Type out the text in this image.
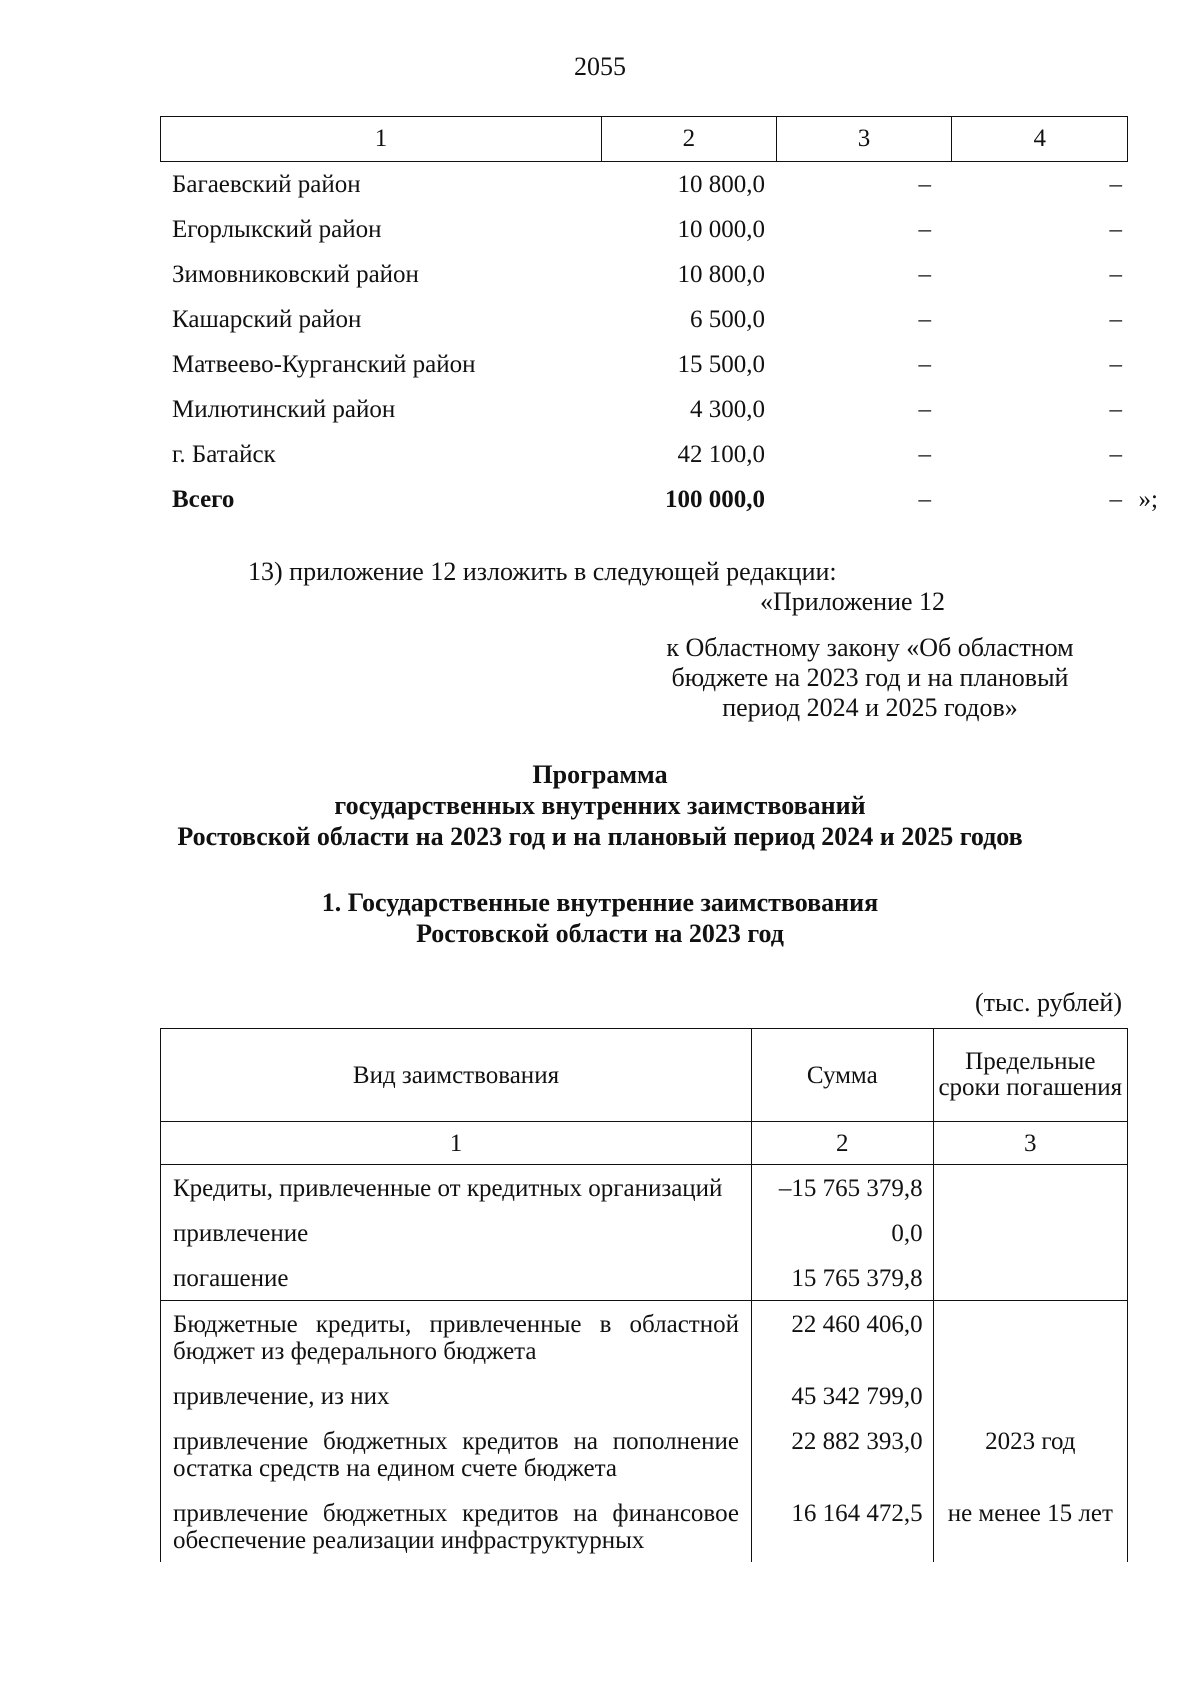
2055
1	2	3	4
Багаевский район	10 800,0	–	–
Егорлыкский район	10 000,0	–	–
Зимовниковский район	10 800,0	–	–
Кашарский район	6 500,0	–	–
Матвеево-Курганский район	15 500,0	–	–
Милютинский район	4 300,0	–	–
г. Батайск	42 100,0	–	–
Всего	100 000,0	–	– »;
13) приложение 12 изложить в следующей редакции:
«Приложение 12
к Областному закону «Об областном
бюджете на 2023 год и на плановый
период 2024 и 2025 годов»
Программа
государственных внутренних заимствований
Ростовской области на 2023 год и на плановый период 2024 и 2025 годов
1. Государственные внутренние заимствования
Ростовской области на 2023 год
(тыс. рублей)
Вид заимствования	Сумма	Предельные сроки погашения
1	2	3
Кредиты, привлеченные от кредитных организаций	–15 765 379,8	
привлечение	0,0	
погашение	15 765 379,8	
Бюджетные кредиты, привлеченные в областной бюджет из федерального бюджета	22 460 406,0	
привлечение, из них	45 342 799,0	
привлечение бюджетных кредитов на пополнение остатка средств на едином счете бюджета	22 882 393,0	2023 год
привлечение бюджетных кредитов на финансовое обеспечение реализации инфраструктурных	16 164 472,5	не менее 15 лет
